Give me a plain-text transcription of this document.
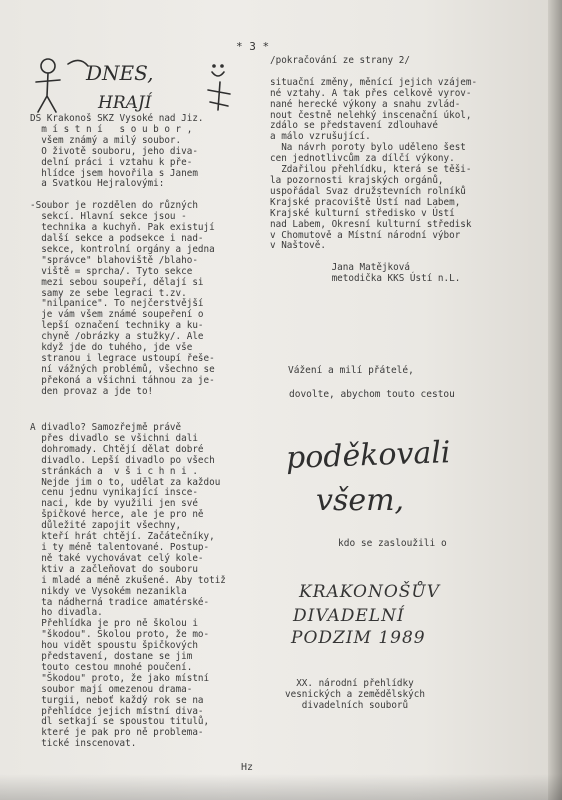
* 3 *
DNES,
HRAJÍ
DS Krakonoš SKZ Vysoké nad Jiz.
m í s t n í   s o u b o r ,
všem známý a milý soubor.
O životě souboru, jeho diva-
delní práci i vztahu k pře-
hlídce jsem hovořila s Janem
a Svatkou Hejralovými:

-Soubor je rozdělen do různých
sekcí. Hlavní sekce jsou -
technika a kuchyň. Pak existují
další sekce a podsekce i nad-
sekce, kontrolní orgány a jedna
"správce" blahoviště /blaho-
viště = sprcha/. Tyto sekce
mezi sebou soupeří, dělají si
samy ze sebe legraci t.zv.
"nilpanice". To nejčerstvější
je vám všem známé soupeření o
lepší označení techniky a ku-
chyně /obrázky a stužky/. Ale
když jde do tuhého, jde vše
stranou i legrace ustoupí řeše-
ní vážných problémů, všechno se
překoná a všichni táhnou za je-
den provaz a jde to!
A divadlo? Samozřejmě právě
přes divadlo se všichni dali
dohromady. Chtějí dělat dobré
divadlo. Lepší divadlo po všech
stránkách a  v š i c h n i .
Nejde jim o to, udělat za každou
cenu jednu vynikající insce-
naci, kde by využili jen své
špičkové herce, ale je pro ně
důležité zapojit všechny,
kteří hrát chtějí. Začátečníky,
i ty méně talentované. Postup-
ně také vychovávat celý kole-
ktiv a začleňovat do souboru
i mladé a méně zkušené. Aby totiž
nikdy ve Vysokém nezanikla
ta nádherná tradice amatérské-
ho divadla.
Přehlídka je pro ně školou i
"škodou". Školou proto, že mo-
hou vidět spoustu špičkových
představení, dostane se jim
touto cestou mnohé poučení.
"Škodou" proto, že jako místní
soubor mají omezenou drama-
turgii, neboť každý rok se na
přehlídce jejich místní diva-
dl setkají se spoustou titulů,
které je pak pro ně problema-
tické inscenovat.
Hz
/pokračování ze strany 2/

situační změny, měnící jejich vzájem-
né vztahy. A tak přes celkově vyrov-
nané herecké výkony a snahu zvlád-
nout čestně nelehký inscenační úkol,
zdálo se představení zdlouhavé
a málo vzrušující.
Na návrh poroty bylo uděleno šest
cen jednotlivcům za dílčí výkony.
Zdařilou přehlídku, která se těši-
la pozornosti krajských orgánů,
uspořádal Svaz družstevních rolníků
Krajské pracoviště Ústí nad Labem,
Krajské kulturní středisko v Ústí
nad Labem, Okresní kulturní středisk
v Chomutově a Místní národní výbor
v Naštově.

Jana Matějková
metodička KKS Ústí n.L.
Vážení a milí přátelé,
dovolte, abychom touto cestou
poděkovali
všem,
kdo se zasloužili o
KRAKONOŠŮV
DIVADELNÍ
PODZIM 1989
XX. národní přehlídky
vesnických a zemědělských
divadelních souborů
